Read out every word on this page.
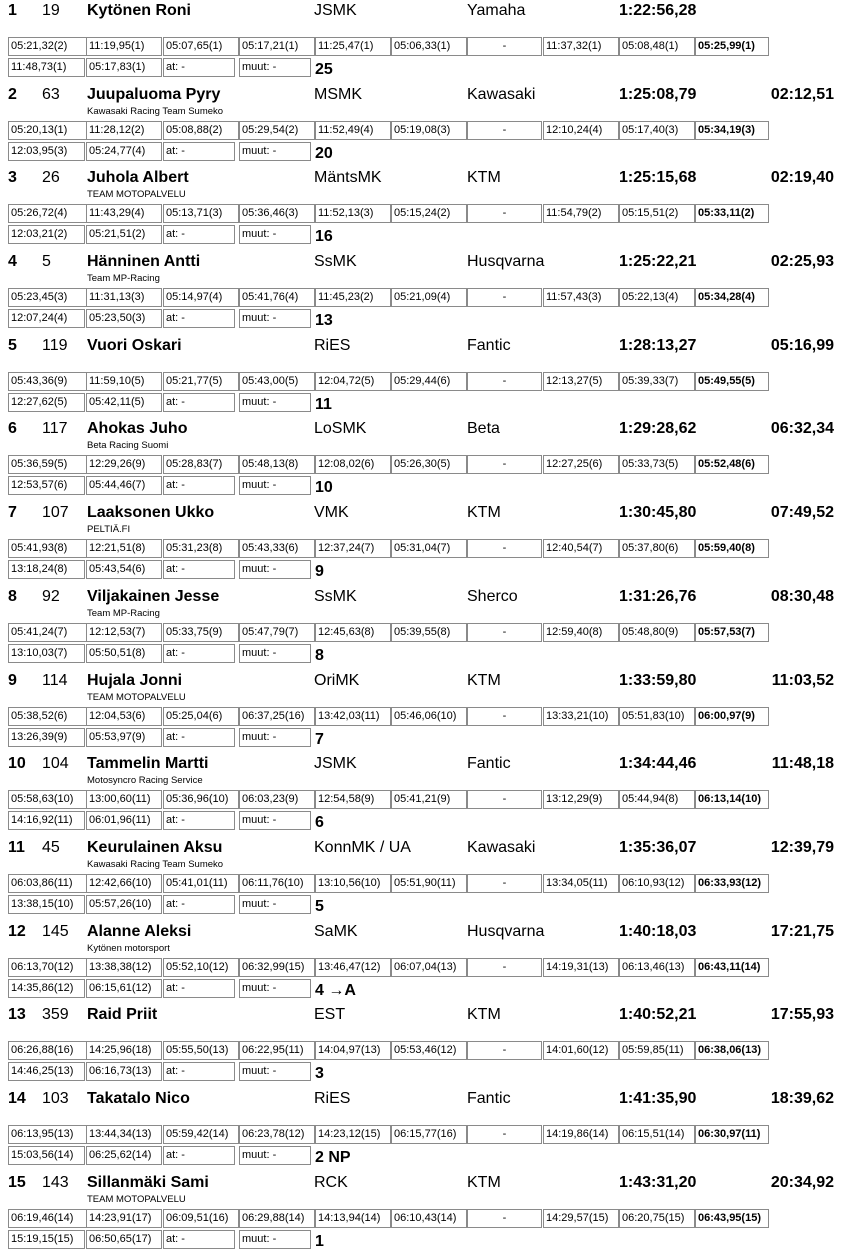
1 19 Kytönen Roni	JSMK	Yamaha	1:22:56,28
05:21,32(2)	11:19,95(1)	05:07,65(1)	05:17,21(1)	11:25,47(1)	05:06,33(1)	-	11:37,32(1)	05:08,48(1)	05:25,99(1)
11:48,73(1)	05:17,83(1)	at: -	muut: -	25
2 63 Juupaluoma Pyry	MSMK	Kawasaki	1:25:08,79	02:12,51
Kawasaki Racing Team Sumeko
05:20,13(1)	11:28,12(2)	05:08,88(2)	05:29,54(2)	11:52,49(4)	05:19,08(3)	-	12:10,24(4)	05:17,40(3)	05:34,19(3)
12:03,95(3)	05:24,77(4)	at: -	muut: -	20
3 26 Juhola Albert	MäntsMK	KTM	1:25:15,68	02:19,40
TEAM MOTOPALVELU
05:26,72(4)	11:43,29(4)	05:13,71(3)	05:36,46(3)	11:52,13(3)	05:15,24(2)	-	11:54,79(2)	05:15,51(2)	05:33,11(2)
12:03,21(2)	05:21,51(2)	at: -	muut: -	16
4 5 Hänninen Antti	SsMK	Husqvarna	1:25:22,21	02:25,93
Team MP-Racing
05:23,45(3)	11:31,13(3)	05:14,97(4)	05:41,76(4)	11:45,23(2)	05:21,09(4)	-	11:57,43(3)	05:22,13(4)	05:34,28(4)
12:07,24(4)	05:23,50(3)	at: -	muut: -	13
5 119 Vuori Oskari	RiES	Fantic	1:28:13,27	05:16,99
05:43,36(9)	11:59,10(5)	05:21,77(5)	05:43,00(5)	12:04,72(5)	05:29,44(6)	-	12:13,27(5)	05:39,33(7)	05:49,55(5)
12:27,62(5)	05:42,11(5)	at: -	muut: -	11
6 117 Ahokas Juho	LoSMK	Beta	1:29:28,62	06:32,34
Beta Racing Suomi
05:36,59(5)	12:29,26(9)	05:28,83(7)	05:48,13(8)	12:08,02(6)	05:26,30(5)	-	12:27,25(6)	05:33,73(5)	05:52,48(6)
12:53,57(6)	05:44,46(7)	at: -	muut: -	10
7 107 Laaksonen Ukko	VMK	KTM	1:30:45,80	07:49,52
PELTIÄ.FI
05:41,93(8)	12:21,51(8)	05:31,23(8)	05:43,33(6)	12:37,24(7)	05:31,04(7)	-	12:40,54(7)	05:37,80(6)	05:59,40(8)
13:18,24(8)	05:43,54(6)	at: -	muut: -	9
8 92 Viljakainen Jesse	SsMK	Sherco	1:31:26,76	08:30,48
Team MP-Racing
05:41,24(7)	12:12,53(7)	05:33,75(9)	05:47,79(7)	12:45,63(8)	05:39,55(8)	-	12:59,40(8)	05:48,80(9)	05:57,53(7)
13:10,03(7)	05:50,51(8)	at: -	muut: -	8
9 114 Hujala Jonni	OriMK	KTM	1:33:59,80	11:03,52
TEAM MOTOPALVELU
05:38,52(6)	12:04,53(6)	05:25,04(6)	06:37,25(16)	13:42,03(11)	05:46,06(10)	-	13:33,21(10)	05:51,83(10)	06:00,97(9)
13:26,39(9)	05:53,97(9)	at: -	muut: -	7
10 104 Tammelin Martti	JSMK	Fantic	1:34:44,46	11:48,18
Motosyncro Racing Service
05:58,63(10)	13:00,60(11)	05:36,96(10)	06:03,23(9)	12:54,58(9)	05:41,21(9)	-	13:12,29(9)	05:44,94(8)	06:13,14(10)
14:16,92(11)	06:01,96(11)	at: -	muut: -	6
11 45 Keurulainen Aksu	KonnMK / UA	Kawasaki	1:35:36,07	12:39,79
Kawasaki Racing Team Sumeko
06:03,86(11)	12:42,66(10)	05:41,01(11)	06:11,76(10)	13:10,56(10)	05:51,90(11)	-	13:34,05(11)	06:10,93(12)	06:33,93(12)
13:38,15(10)	05:57,26(10)	at: -	muut: -	5
12 145 Alanne Aleksi	SaMK	Husqvarna	1:40:18,03	17:21,75
Kytönen motorsport
06:13,70(12)	13:38,38(12)	05:52,10(12)	06:32,99(15)	13:46,47(12)	06:07,04(13)	-	14:19,31(13)	06:13,46(13)	06:43,11(14)
14:35,86(12)	06:15,61(12)	at: -	muut: -	4 →A
13 359 Raid Priit	EST	KTM	1:40:52,21	17:55,93
06:26,88(16)	14:25,96(18)	05:55,50(13)	06:22,95(11)	14:04,97(13)	05:53,46(12)	-	14:01,60(12)	05:59,85(11)	06:38,06(13)
14:46,25(13)	06:16,73(13)	at: -	muut: -	3
14 103 Takatalo Nico	RiES	Fantic	1:41:35,90	18:39,62
06:13,95(13)	13:44,34(13)	05:59,42(14)	06:23,78(12)	14:23,12(15)	06:15,77(16)	-	14:19,86(14)	06:15,51(14)	06:30,97(11)
15:03,56(14)	06:25,62(14)	at: -	muut: -	2 NP
15 143 Sillanmäki Sami	RCK	KTM	1:43:31,20	20:34,92
TEAM MOTOPALVELU
06:19,46(14)	14:23,91(17)	06:09,51(16)	06:29,88(14)	14:13,94(14)	06:10,43(14)	-	14:29,57(15)	06:20,75(15)	06:43,95(15)
15:19,15(15)	06:50,65(17)	at: -	muut: -	1
